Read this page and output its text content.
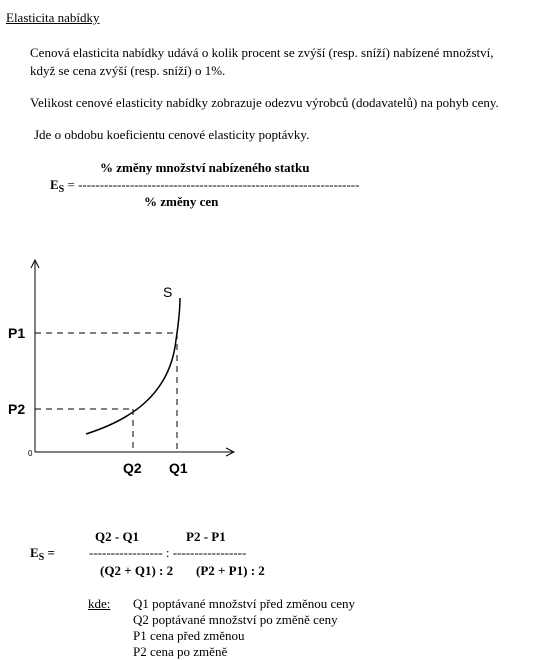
Elasticita nabídky
Cenová elasticita nabídky udává o kolik procent se zvýší (resp. sníží) nabízené množství,
když se cena zvýší (resp. sníží) o 1%.
Velikost cenové elasticity nabídky zobrazuje odezvu výrobců (dodavatelů) na pohyb ceny.
Jde o obdobu koeficientu cenové elasticity poptávky.
% změny množství nabízeného statku
$E_S$ = -----------------------------------------------------------------
% změny cen
S
P1
P2
Q2 Q1
0
Q2 - Q1	P2 - P1
$E_S$ =	----------------- : -----------------
(Q2 + Q1) : 2 (P2 + P1) : 2
kde: Q1 poptávané množství před změnou ceny
Q2 poptávané množství po změně ceny
P1 cena před změnou
P2 cena po změně
